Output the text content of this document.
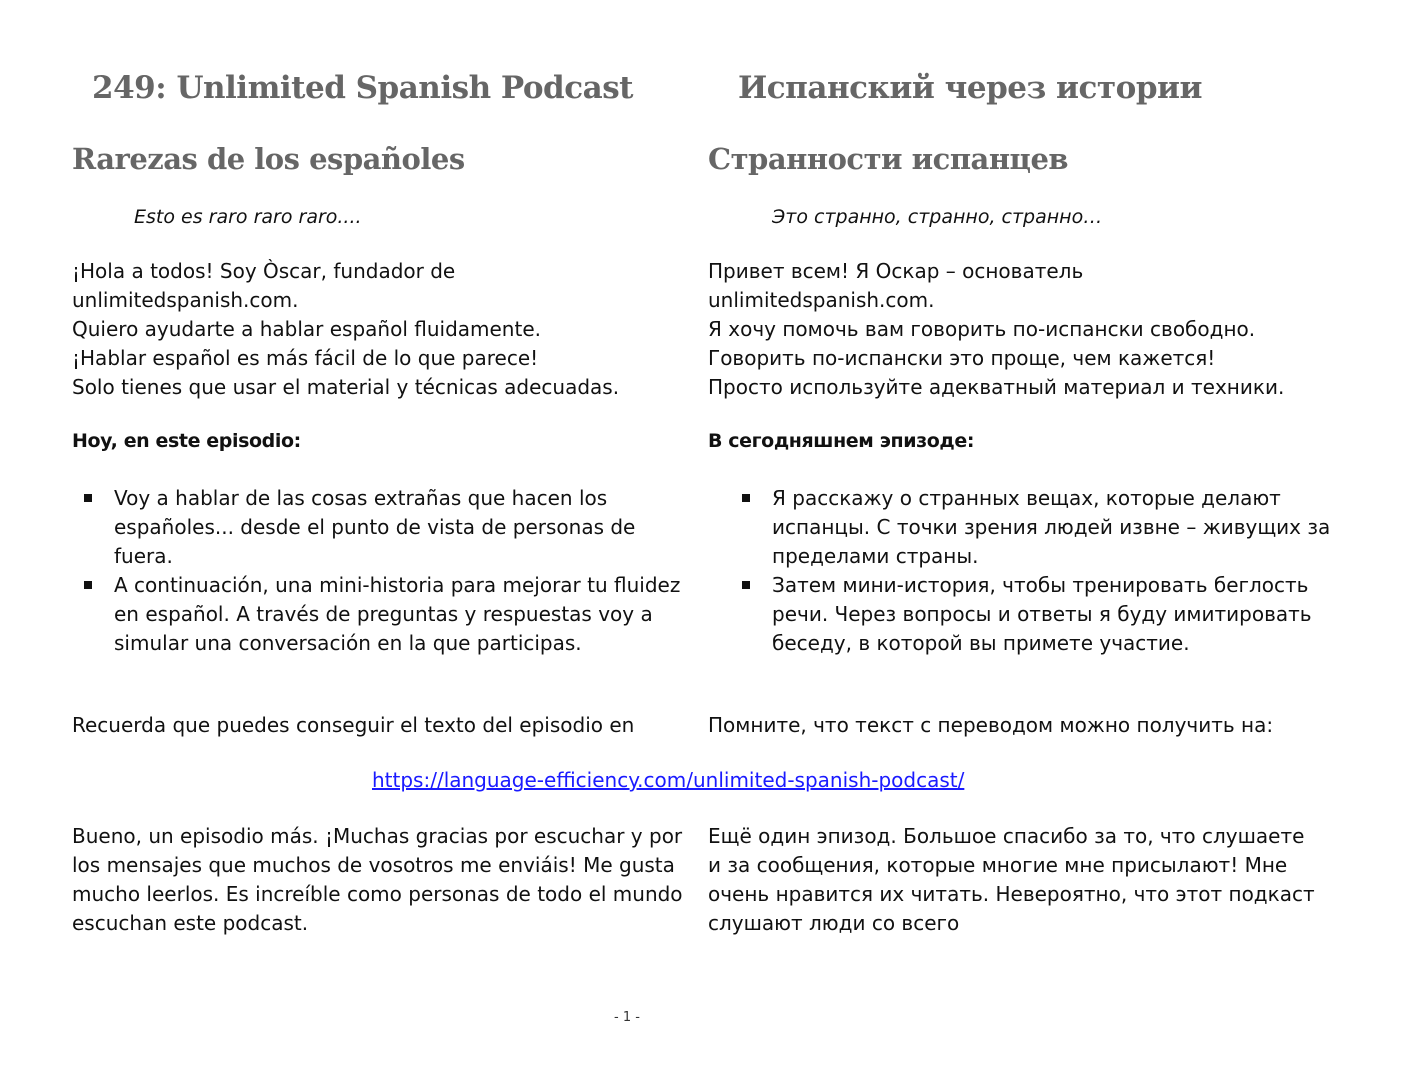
249: Unlimited Spanish Podcast	Испанский через истории
Rarezas de los españoles	Странности испанцев
Esto es raro raro raro....	Это странно, странно, странно…
¡Hola a todos! Soy Òscar, fundador de
unlimitedspanish.com.
Quiero ayudarte a hablar español fluidamente.
¡Hablar español es más fácil de lo que parece!
Solo tienes que usar el material y técnicas adecuadas.
Привет всем! Я Оскар – основатель
unlimitedspanish.com.
Я хочу помочь вам говорить по-испански свободно.
Говорить по-испански это проще, чем кажется!
Просто используйте адекватный материал и техники.
Hoy, en este episodio:	В сегодняшнем эпизоде:
Voy a hablar de las cosas extrañas que hacen los españoles... desde el punto de vista de personas de fuera.
A continuación, una mini-historia para mejorar tu fluidez en español. A través de preguntas y respuestas voy a simular una conversación en la que participas.
Я расскажу о странных вещах, которые делают испанцы. С точки зрения людей извне – живущих за пределами страны.
Затем мини-история, чтобы тренировать беглость речи. Через вопросы и ответы я буду имитировать беседу, в которой вы примете участие.
Recuerda que puedes conseguir el texto del episodio en	Помните, что текст с переводом можно получить на:
https://language-efficiency.com/unlimited-spanish-podcast/

Bueno, un episodio más. ¡Muchas gracias por escuchar y por los mensajes que muchos de vosotros me enviáis! Me gusta mucho leerlos. Es increíble como personas de todo el mundo escuchan este podcast.

Ещё один эпизод. Большое спасибо за то, что слушаете и за сообщения, которые многие мне присылают! Мне очень нравится их читать. Невероятно, что этот подкаст слушают люди со всего

- 1 -
